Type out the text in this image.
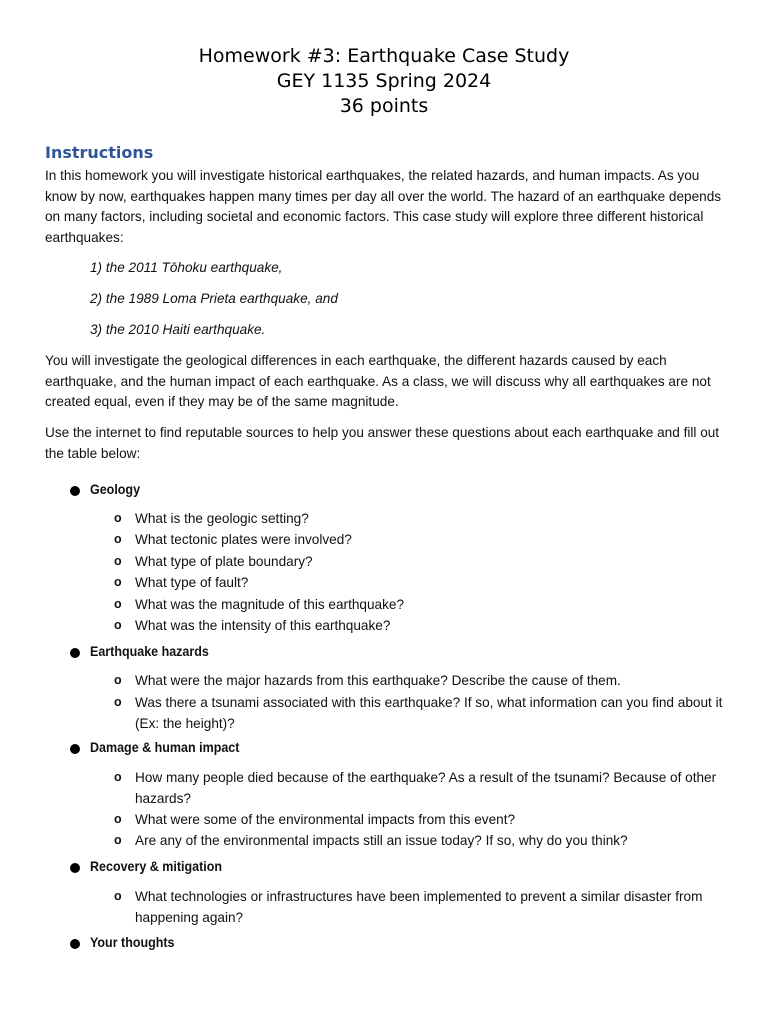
Homework #3: Earthquake Case Study
GEY 1135 Spring 2024
36 points
Instructions
In this homework you will investigate historical earthquakes, the related hazards, and human impacts. As you know by now, earthquakes happen many times per day all over the world. The hazard of an earthquake depends on many factors, including societal and economic factors. This case study will explore three different historical earthquakes:
1) the 2011 Tōhoku earthquake,
2) the 1989 Loma Prieta earthquake, and
3) the 2010 Haiti earthquake.
You will investigate the geological differences in each earthquake, the different hazards caused by each earthquake, and the human impact of each earthquake. As a class, we will discuss why all earthquakes are not created equal, even if they may be of the same magnitude.
Use the internet to find reputable sources to help you answer these questions about each earthquake and fill out the table below:
Geology
o What is the geologic setting?
o What tectonic plates were involved?
o What type of plate boundary?
o What type of fault?
o What was the magnitude of this earthquake?
o What was the intensity of this earthquake?
Earthquake hazards
o What were the major hazards from this earthquake? Describe the cause of them.
o Was there a tsunami associated with this earthquake? If so, what information can you find about it (Ex: the height)?
Damage & human impact
o How many people died because of the earthquake? As a result of the tsunami? Because of other hazards?
o What were some of the environmental impacts from this event?
o Are any of the environmental impacts still an issue today? If so, why do you think?
Recovery & mitigation
o What technologies or infrastructures have been implemented to prevent a similar disaster from happening again?
Your thoughts
